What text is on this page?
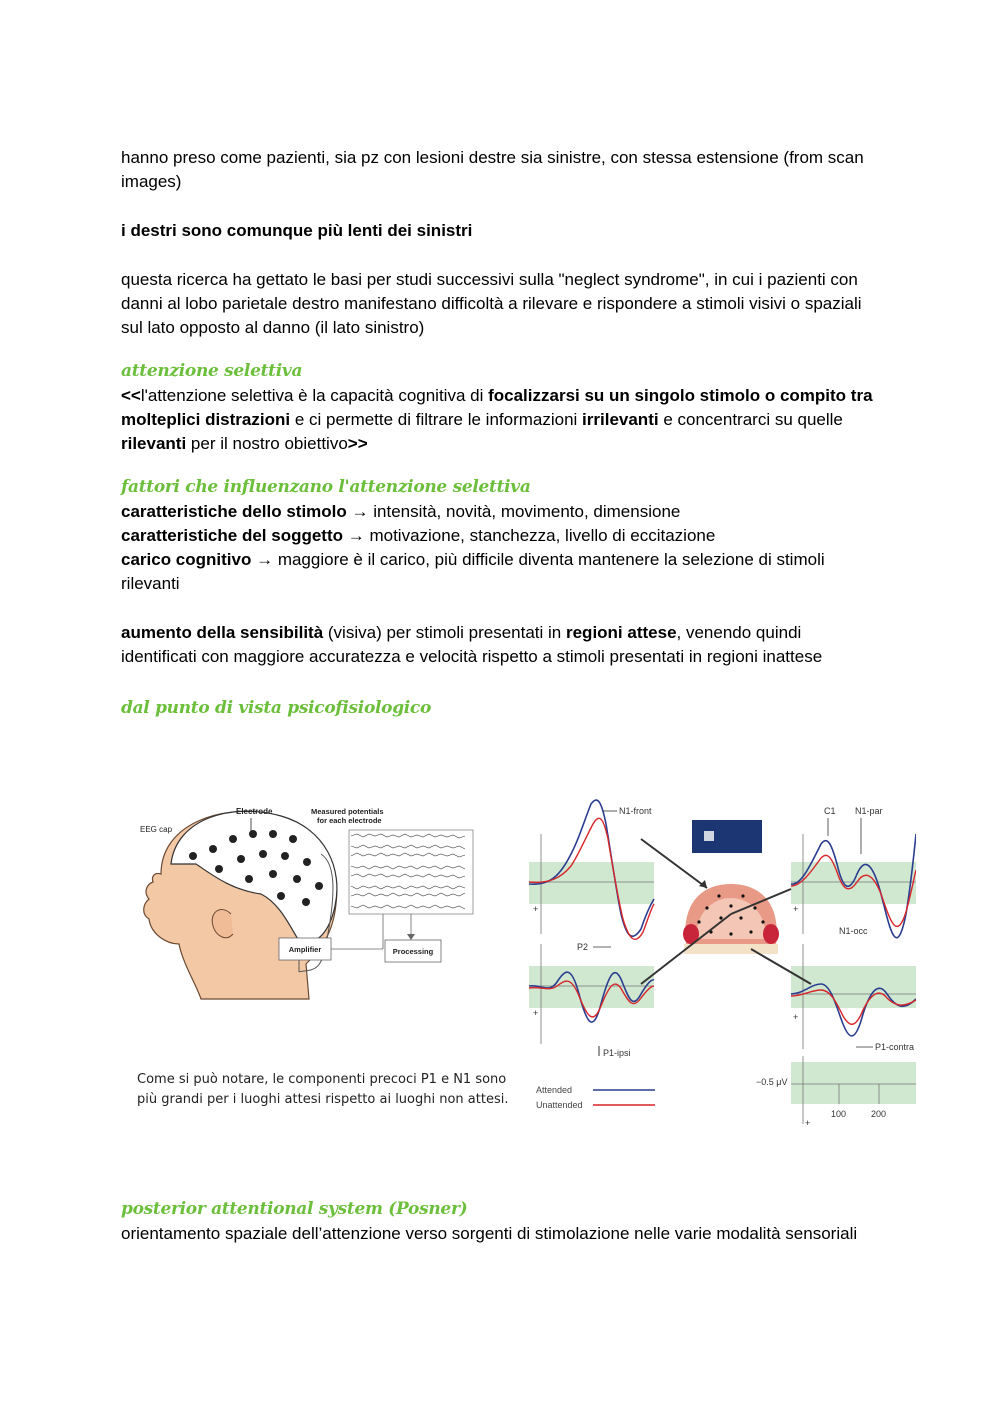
hanno preso come pazienti, sia pz con lesioni destre sia sinistre, con stessa estensione (from scan images)

i destri sono comunque più lenti dei sinistri

questa ricerca ha gettato le basi per studi successivi sulla "neglect syndrome", in cui i pazienti con danni al lobo parietale destro manifestano difficoltà a rilevare e rispondere a stimoli visivi o spaziali sul lato opposto al danno (il lato sinistro)

attenzione selettiva

<<l'attenzione selettiva è la capacità cognitiva di focalizzarsi su un singolo stimolo o compito tra molteplici distrazioni e ci permette di filtrare le informazioni irrilevanti e concentrarci su quelle rilevanti per il nostro obiettivo>>

fattori che influenzano l'attenzione selettiva

caratteristiche dello stimolo → intensità, novità, movimento, dimensione

caratteristiche del soggetto → motivazione, stanchezza, livello di eccitazione

carico cognitivo → maggiore è il carico, più difficile diventa mantenere la selezione di stimoli rilevanti

aumento della sensibilità (visiva) per stimoli presentati in regioni attese, venendo quindi identificati con maggiore accuratezza e velocità rispetto a stimoli presentati in regioni inattese

dal punto di vista psicofisiologico
EEG cap
Electrode	Measured potentials
for each electrode
Amplifier	Processing
N1-front	C1 N1-par
N1-occ
P2
P1-ipsi
P1-contra
+
+
+
+
+
−0.5 μV
100	200
Attended
Unattended
Come si può notare, le componenti precoci P1 e N1 sono più grandi per i luoghi attesi rispetto ai luoghi non attesi.
posterior attentional system (Posner)

orientamento spaziale dell’attenzione verso sorgenti di stimolazione nelle varie modalità sensoriali
